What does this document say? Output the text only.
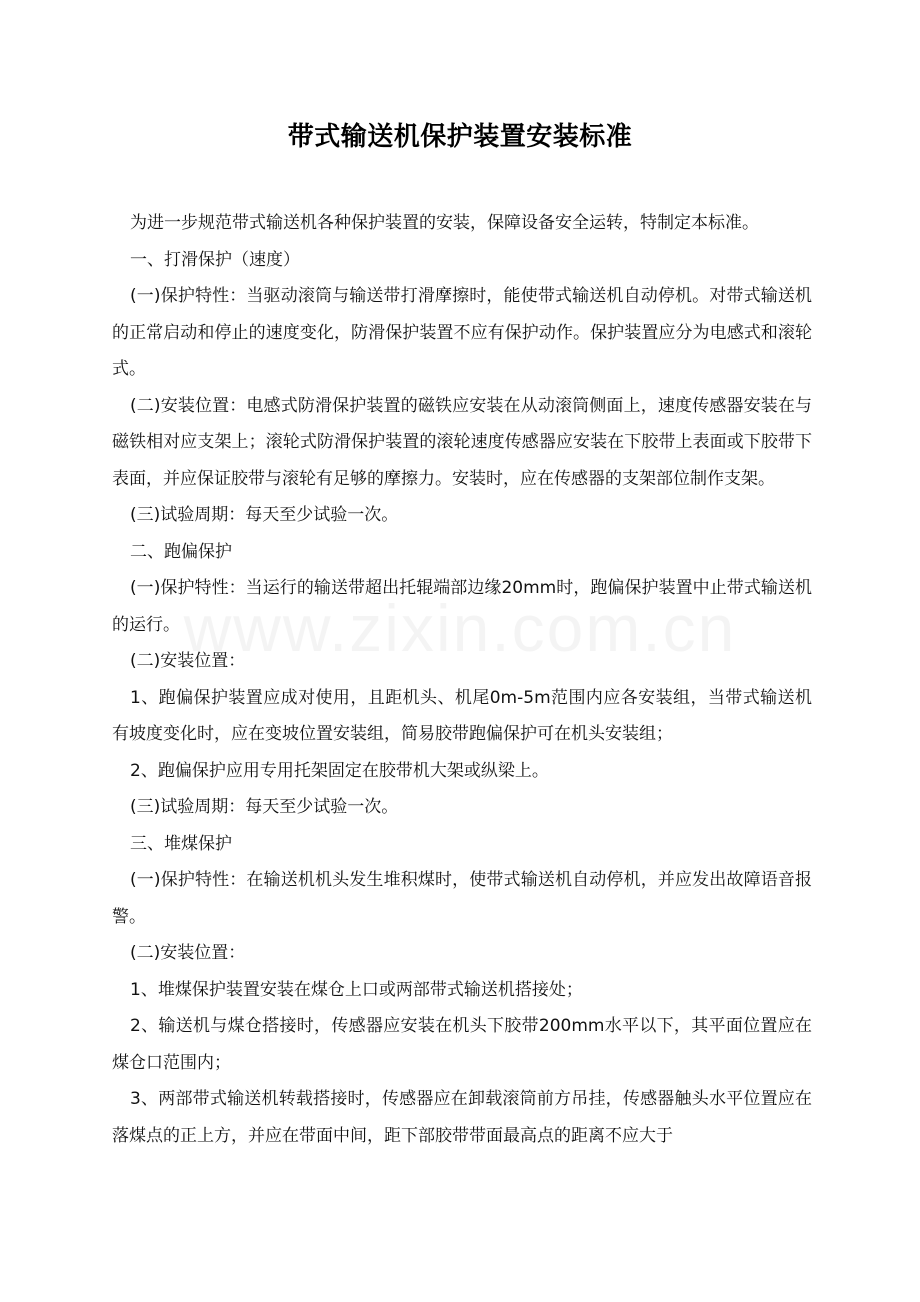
带式输送机保护装置安装标准

为进一步规范带式输送机各种保护装置的安装，保障设备安全运转，特制定本标准。

一、打滑保护（速度）

(一)保护特性：当驱动滚筒与输送带打滑摩擦时，能使带式输送机自动停机。对带式输送机的正常启动和停止的速度变化，防滑保护装置不应有保护动作。保护装置应分为电感式和滚轮式。

(二)安装位置：电感式防滑保护装置的磁铁应安装在从动滚筒侧面上，速度传感器安装在与磁铁相对应支架上；滚轮式防滑保护装置的滚轮速度传感器应安装在下胶带上表面或下胶带下表面，并应保证胶带与滚轮有足够的摩擦力。安装时，应在传感器的支架部位制作支架。

(三)试验周期：每天至少试验一次。

二、跑偏保护

(一)保护特性：当运行的输送带超出托辊端部边缘20mm时，跑偏保护装置中止带式输送机的运行。

(二)安装位置：

1、跑偏保护装置应成对使用，且距机头、机尾0m-5m范围内应各安装组，当带式输送机有坡度变化时，应在变坡位置安装组，简易胶带跑偏保护可在机头安装组；

2、跑偏保护应用专用托架固定在胶带机大架或纵梁上。

(三)试验周期：每天至少试验一次。

三、堆煤保护

(一)保护特性：在输送机机头发生堆积煤时，使带式输送机自动停机，并应发出故障语音报警。

(二)安装位置：

1、堆煤保护装置安装在煤仓上口或两部带式输送机搭接处；

2、输送机与煤仓搭接时，传感器应安装在机头下胶带200mm水平以下，其平面位置应在煤仓口范围内；

3、两部带式输送机转载搭接时，传感器应在卸载滚筒前方吊挂，传感器触头水平位置应在落煤点的正上方，并应在带面中间，距下部胶带带面最高点的距离不应大于
